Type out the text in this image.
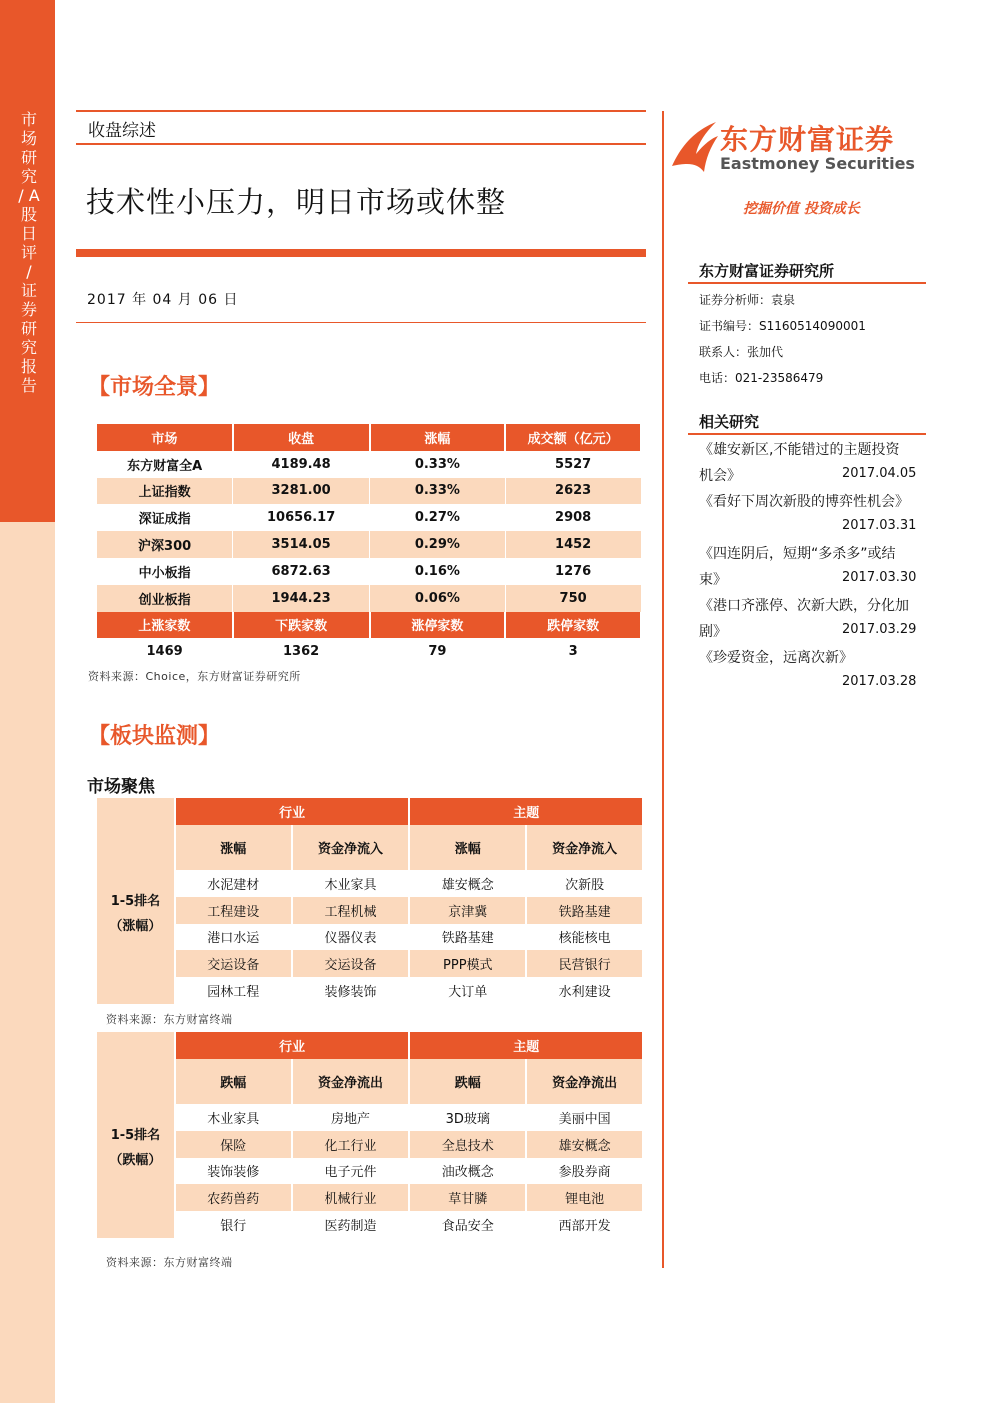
市场研究 / A股日评 / 证券研究报告
收盘综述
技术性小压力，明日市场或休整
2017 年 04 月 06 日
【市场全景】
市场	收盘	涨幅	成交额（亿元）
东方财富全A	4189.48	0.33%	5527
上证指数	3281.00	0.33%	2623
深证成指	10656.17	0.27%	2908
沪深300	3514.05	0.29%	1452
中小板指	6872.63	0.16%	1276
创业板指	1944.23	0.06%	750
上涨家数	下跌家数	涨停家数	跌停家数
1469	1362	79	3
资料来源：Choice，东方财富证券研究所
【板块监测】
市场聚焦
	行业		主题	

1-5排名
（涨幅）	涨幅	资金净流入	涨幅	资金净流入
	水泥建材	木业家具	雄安概念	次新股
	工程建设	工程机械	京津冀	铁路基建
	港口水运	仪器仪表	铁路基建	核能核电
	交运设备	交运设备	PPP模式	民营银行
	园林工程	装修装饰	大订单	水利建设
资料来源：东方财富终端
	行业		主题	

1-5排名
（跌幅）	跌幅	资金净流出	跌幅	资金净流出
	木业家具	房地产	3D玻璃	美丽中国
	保险	化工行业	全息技术	雄安概念
	装饰装修	电子元件	油改概念	参股券商
	农药兽药	机械行业	草甘膦	锂电池
	银行	医药制造	食品安全	西部开发
资料来源：东方财富终端
东方财富证券
Eastmoney Securities
挖掘价值 投资成长
东方财富证券研究所
证券分析师：袁泉
证书编号：S1160514090001
联系人：张加代
电话：021-23586479
相关研究
《雄安新区,不能错过的主题投资
机会》	2017.04.05
《看好下周次新股的博弈性机会》
2017.03.31
《四连阴后，短期“多杀多”或结
束》	2017.03.30
《港口齐涨停、次新大跌，分化加
剧》	2017.03.29
《珍爱资金，远离次新》
2017.03.28
